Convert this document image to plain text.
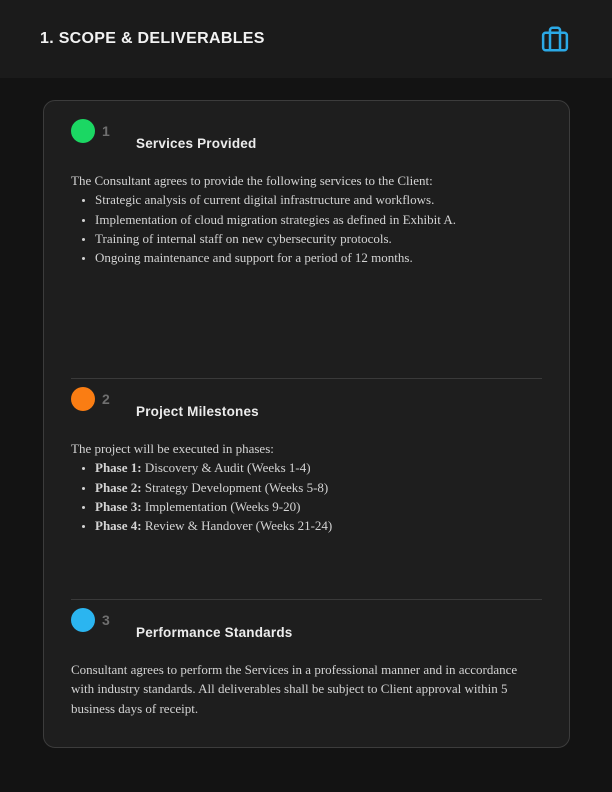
1. SCOPE & DELIVERABLES
1
Services Provided

The Consultant agrees to provide the following services to the Client:

• Strategic analysis of current digital infrastructure and workflows.
• Implementation of cloud migration strategies as defined in Exhibit A.
• Training of internal staff on new cybersecurity protocols.
• Ongoing maintenance and support for a period of 12 months.
2
Project Milestones

The project will be executed in phases:

• Phase 1: Discovery & Audit (Weeks 1-4)
• Phase 2: Strategy Development (Weeks 5-8)
• Phase 3: Implementation (Weeks 9-20)
• Phase 4: Review & Handover (Weeks 21-24)
3
Performance Standards

Consultant agrees to perform the Services in a professional manner and in accordance with industry standards. All deliverables shall be subject to Client approval within 5 business days of receipt.
